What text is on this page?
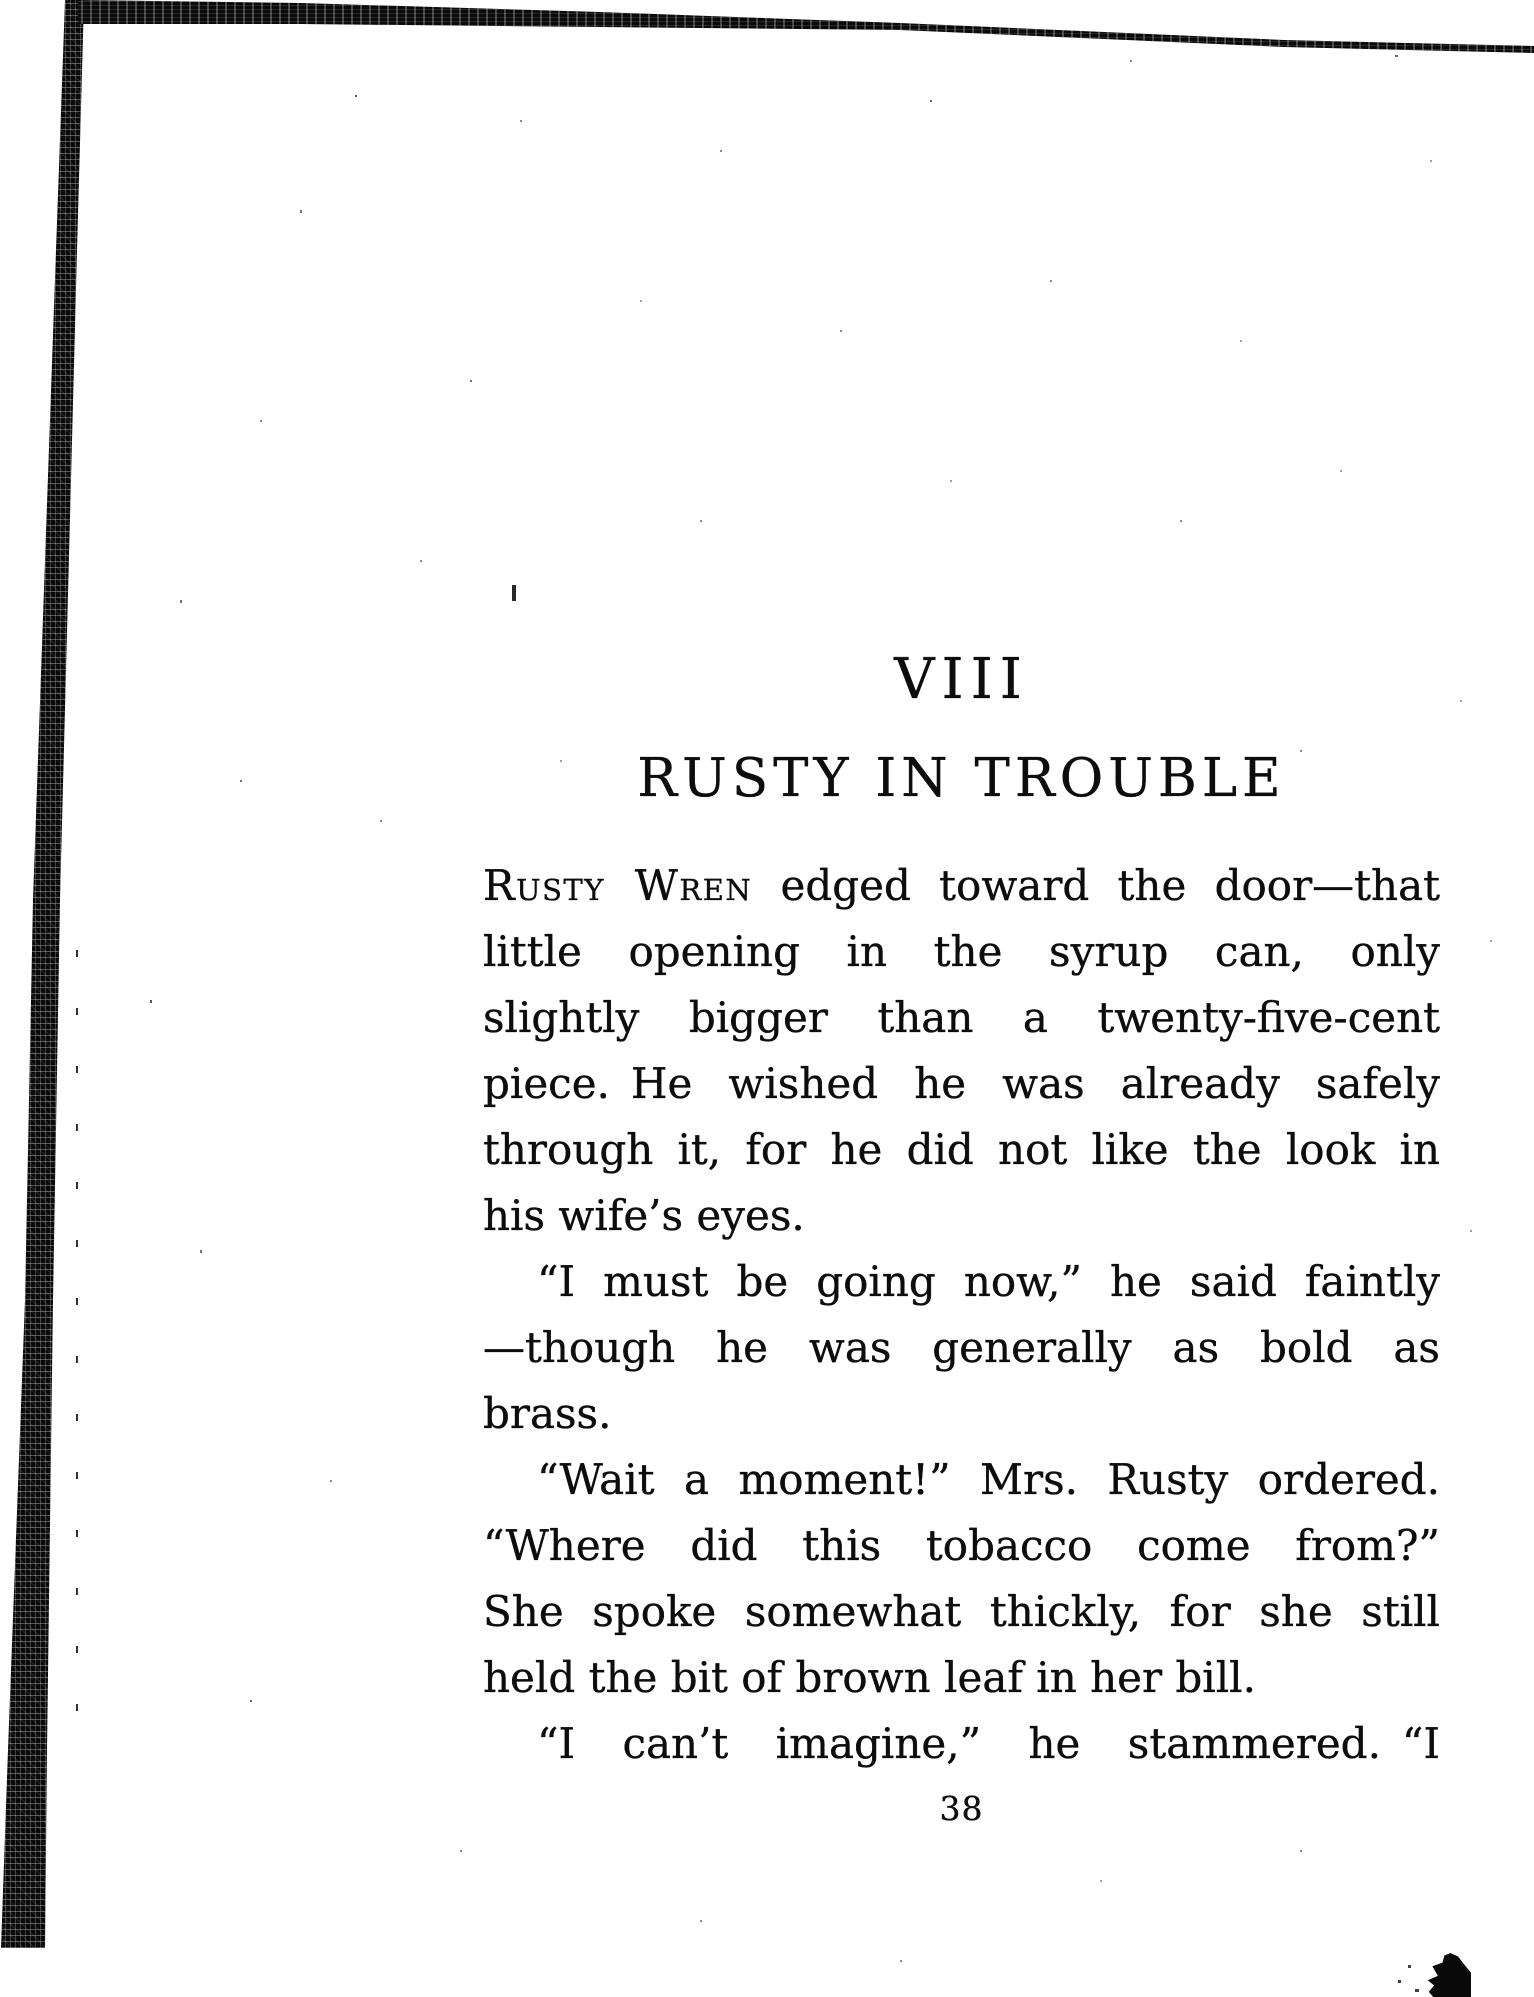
VIII
RUSTY IN TROUBLE
Rusty Wren edged toward the door—that
little opening in the syrup can, only
slightly bigger than a twenty-five-cent
piece. He wished he was already safely
through it, for he did not like the look in
his wife’s eyes.
“I must be going now,” he said faintly
—though he was generally as bold as
brass.
“Wait a moment!” Mrs. Rusty ordered.
“Where did this tobacco come from?”
She spoke somewhat thickly, for she still
held the bit of brown leaf in her bill.
“I can’t imagine,” he stammered. “I
38
